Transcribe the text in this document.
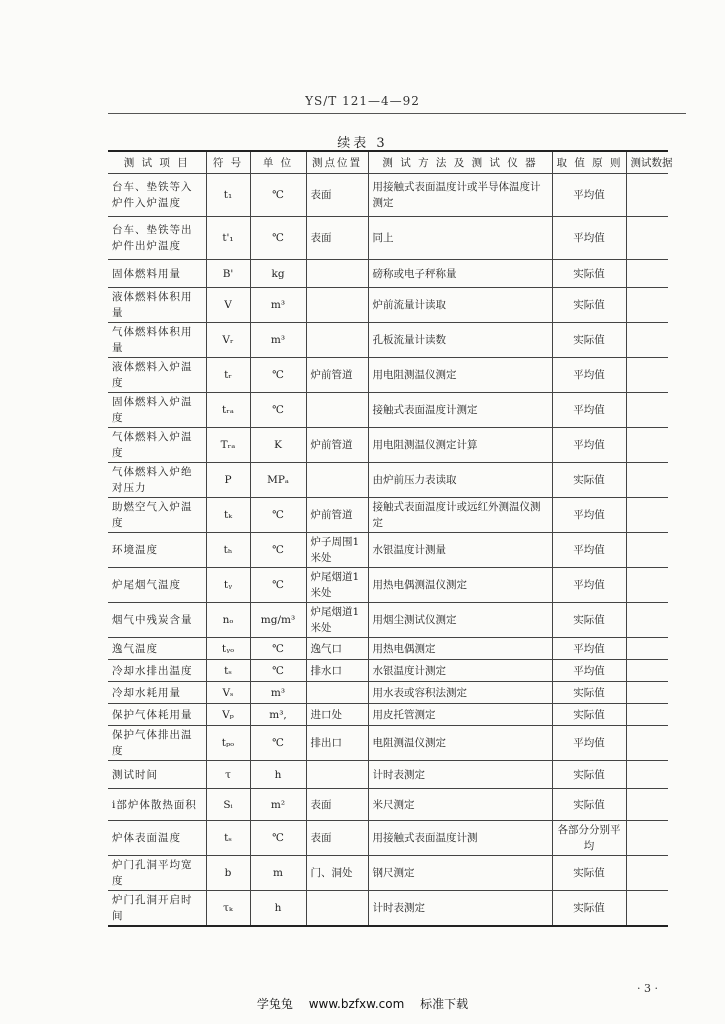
YS/T 121—4—92
续表 3
测 试 项 目	符 号	单 位	测点位置	测 试 方 法 及 测 试 仪 器	取 值 原 则	测试数据
台车、垫铁等入炉件入炉温度	t₁	℃	表面	用接触式表面温度计或半导体温度计测定	平均值	
台车、垫铁等出炉件出炉温度	t'₁	℃	表面	同上	平均值	
固体燃料用量	B'	kg		磅称或电子秤称量	实际值	
液体燃料体积用量	V	m³		炉前流量计读取	实际值	
气体燃料体积用量	Vᵣ	m³		孔板流量计读数	实际值	
液体燃料入炉温度	tᵣ	℃	炉前管道	用电阻测温仪测定	平均值	
固体燃料入炉温度	tᵣₐ	℃		接触式表面温度计测定	平均值	
气体燃料入炉温度	Tᵣₐ	K	炉前管道	用电阻测温仪测定计算	平均值	
气体燃料入炉绝对压力	P	MPₐ		由炉前压力表读取	实际值	
助燃空气入炉温度	tₖ	℃	炉前管道	接触式表面温度计或远红外测温仪测定	平均值	
环境温度	tₕ	℃	炉子周围1米处	水银温度计测量	平均值	
炉尾烟气温度	tᵧ	℃	炉尾烟道1米处	用热电偶测温仪测定	平均值	
烟气中残炭含量	nₒ	mg/m³	炉尾烟道1米处	用烟尘测试仪测定	实际值	
逸气温度	tᵧₒ	℃	逸气口	用热电偶测定	平均值	
冷却水排出温度	tₛ	℃	排水口	水银温度计测定	平均值	
冷却水耗用量	Vₛ	m³		用水表或容积法测定	实际值	
保护气体耗用量	Vₚ	m³,	进口处	用皮托管测定	实际值	
保护气体排出温度	tₚₒ	℃	排出口	电阻测温仪测定	平均值	
测试时间	τ	h		计时表测定	实际值	
i部炉体散热面积	Sᵢ	m²	表面	米尺测定	实际值	
炉体表面温度	tₛ	℃	表面	用接触式表面温度计测	各部分分别平均	
炉门孔洞平均宽度	b	m	门、洞处	钢尺测定	实际值	
炉门孔洞开启时间	τₖ	h		计时表测定	实际值	
· 3 ·
学兔兔 www.bzfxw.com 标准下载
